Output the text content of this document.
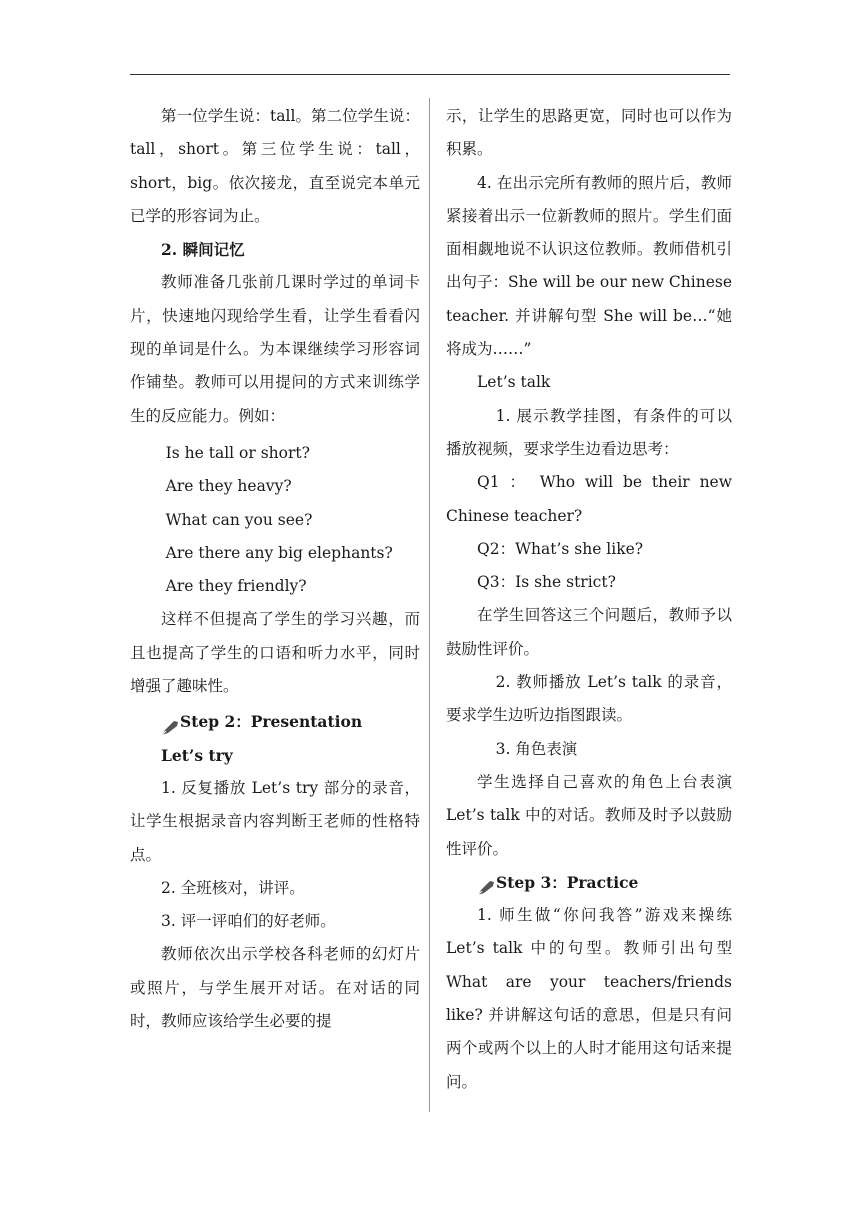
第一位学生说：tall。第二位学生说：tall，short。第三位学生说：tall，short，big。依次接龙，直至说完本单元已学的形容词为止。

2. 瞬间记忆

教师准备几张前几课时学过的单词卡片，快速地闪现给学生看，让学生看看闪现的单词是什么。为本课继续学习形容词作铺垫。教师可以用提问的方式来训练学生的反应能力。例如：

Is he tall or short?

Are they heavy?

What can you see?

Are there any big elephants?

Are they friendly?

这样不但提高了学生的学习兴趣，而且也提高了学生的口语和听力水平，同时增强了趣味性。

Step 2：Presentation

Let’s try

1. 反复播放 Let’s try 部分的录音，让学生根据录音内容判断王老师的性格特点。

2. 全班核对，讲评。

3. 评一评咱们的好老师。

教师依次出示学校各科老师的幻灯片或照片，与学生展开对话。在对话的同时，教师应该给学生必要的提

示，让学生的思路更宽，同时也可以作为积累。

4. 在出示完所有教师的照片后，教师紧接着出示一位新教师的照片。学生们面面相觑地说不认识这位教师。教师借机引出句子：She will be our new Chinese teacher. 并讲解句型 She will be…“她将成为……”

Let’s talk

1. 展示教学挂图，有条件的可以播放视频，要求学生边看边思考：

Q1 ： Who will be their new Chinese teacher?

Q2：What’s she like?

Q3：Is she strict?

在学生回答这三个问题后，教师予以鼓励性评价。

2. 教师播放 Let’s talk 的录音，要求学生边听边指图跟读。

3. 角色表演

学生选择自己喜欢的角色上台表演 Let’s talk 中的对话。教师及时予以鼓励性评价。

Step 3：Practice

1. 师生做“你问我答”游戏来操练 Let’s talk 中的句型。教师引出句型 What are your teachers/friends like? 并讲解这句话的意思，但是只有问两个或两个以上的人时才能用这句话来提问。
